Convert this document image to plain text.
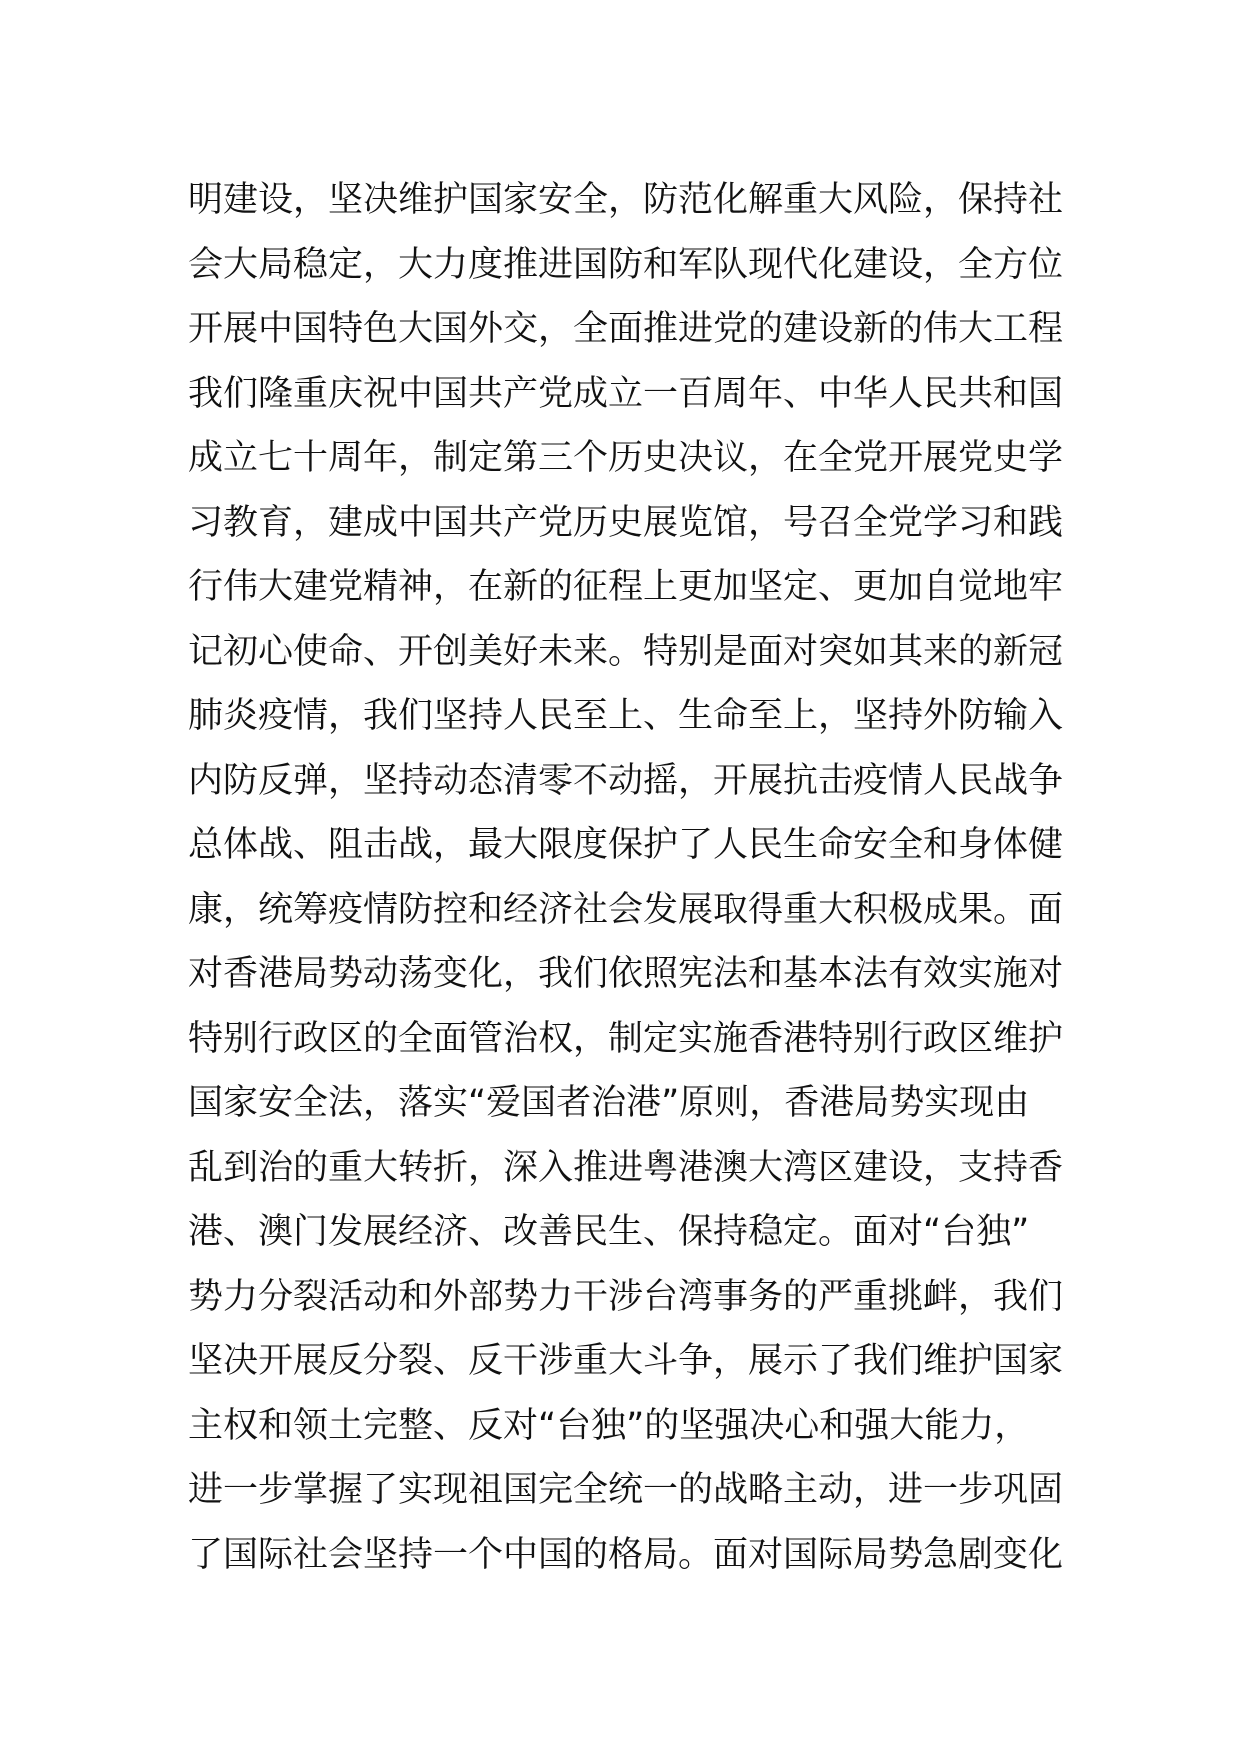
明建设，坚决维护国家安全，防范化解重大风险，保持社
会大局稳定，大力度推进国防和军队现代化建设，全方位
开展中国特色大国外交，全面推进党的建设新的伟大工程
我们隆重庆祝中国共产党成立一百周年、中华人民共和国
成立七十周年，制定第三个历史决议，在全党开展党史学
习教育，建成中国共产党历史展览馆，号召全党学习和践
行伟大建党精神，在新的征程上更加坚定、更加自觉地牢
记初心使命、开创美好未来。特别是面对突如其来的新冠
肺炎疫情，我们坚持人民至上、生命至上，坚持外防输入
内防反弹，坚持动态清零不动摇，开展抗击疫情人民战争
总体战、阻击战，最大限度保护了人民生命安全和身体健
康，统筹疫情防控和经济社会发展取得重大积极成果。面
对香港局势动荡变化，我们依照宪法和基本法有效实施对
特别行政区的全面管治权，制定实施香港特别行政区维护
国家安全法，落实“爱国者治港”原则，香港局势实现由
乱到治的重大转折，深入推进粤港澳大湾区建设，支持香
港、澳门发展经济、改善民生、保持稳定。面对“台独”
势力分裂活动和外部势力干涉台湾事务的严重挑衅，我们
坚决开展反分裂、反干涉重大斗争，展示了我们维护国家
主权和领土完整、反对“台独”的坚强决心和强大能力，
进一步掌握了实现祖国完全统一的战略主动，进一步巩固
了国际社会坚持一个中国的格局。面对国际局势急剧变化
